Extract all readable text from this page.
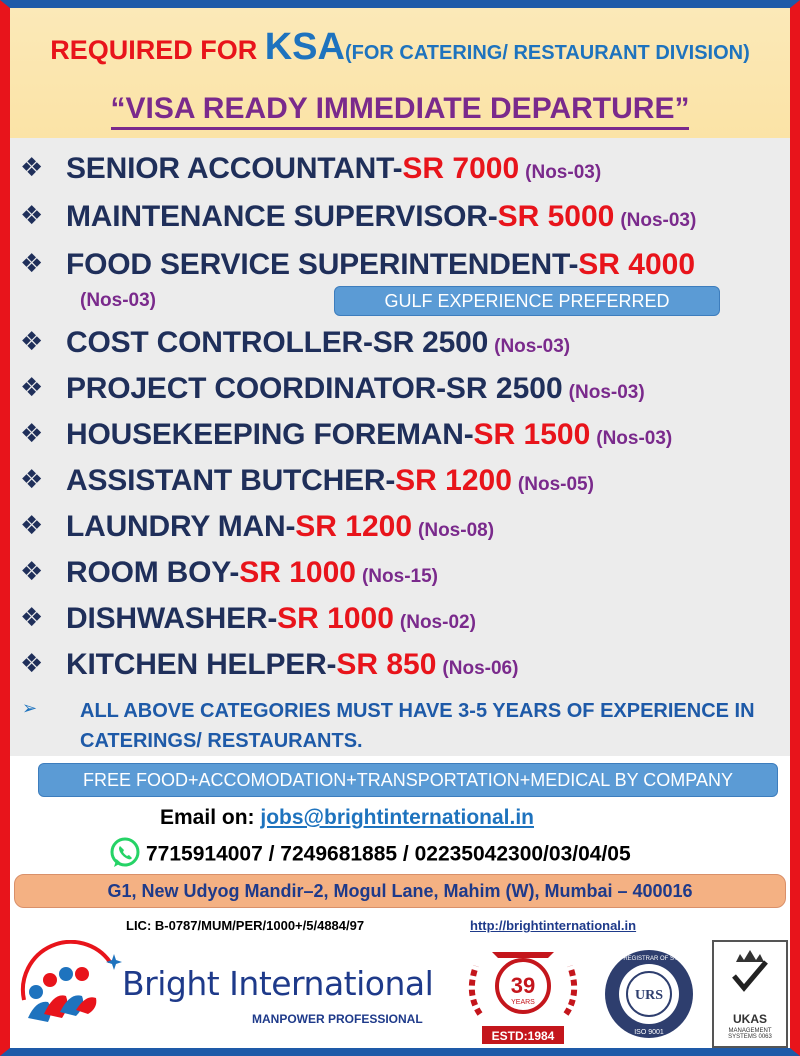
REQUIRED FOR KSA(FOR CATERING/ RESTAURANT DIVISION)
“VISA READY IMMEDIATE DEPARTURE”
❖ SENIOR ACCOUNTANT-SR 7000 (Nos-03)
❖ MAINTENANCE SUPERVISOR-SR 5000 (Nos-03)
❖ FOOD SERVICE SUPERINTENDENT-SR 4000
(Nos-03)	GULF EXPERIENCE PREFERRED
❖ COST CONTROLLER-SR 2500 (Nos-03)
❖ PROJECT COORDINATOR-SR 2500 (Nos-03)
❖ HOUSEKEEPING FOREMAN-SR 1500 (Nos-03)
❖ ASSISTANT BUTCHER-SR 1200 (Nos-05)
❖ LAUNDRY MAN-SR 1200 (Nos-08)
❖ ROOM BOY-SR 1000 (Nos-15)
❖ DISHWASHER-SR 1000 (Nos-02)
❖ KITCHEN HELPER-SR 850 (Nos-06)
➢ ALL ABOVE CATEGORIES MUST HAVE 3-5 YEARS OF EXPERIENCE IN CATERINGS/ RESTAURANTS.
FREE FOOD+ACCOMODATION+TRANSPORTATION+MEDICAL BY COMPANY
Email on: jobs@brightinternational.in
7715914007 / 7249681885 / 02235042300/03/04/05
G1, New Udyog Mandir–2, Mogul Lane, Mahim (W), Mumbai – 400016
LIC: B-0787/MUM/PER/1000+/5/4884/97	http://brightinternational.in
Bright International
MANPOWER PROFESSIONAL
39
YEARS
ESTD:1984
URS
UNITED REGISTRAR OF SYSTEMS
ISO 9001
UKAS
MANAGEMENT SYSTEMS 0063
